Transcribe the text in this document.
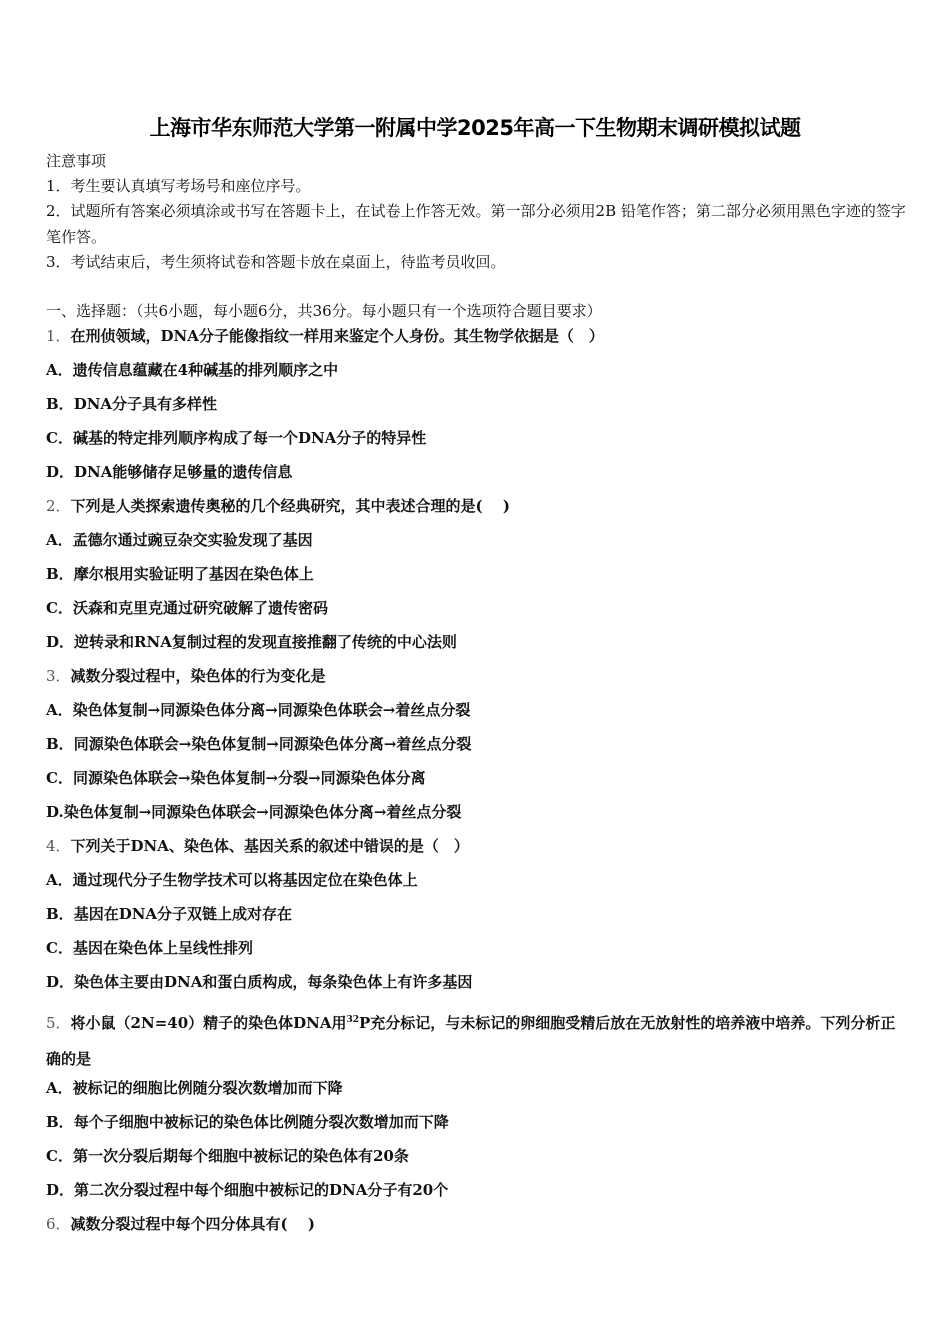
上海市华东师范大学第一附属中学2025年高一下生物期末调研模拟试题
注意事项
1．考生要认真填写考场号和座位序号。
2．试题所有答案必须填涂或书写在答题卡上，在试卷上作答无效。第一部分必须用2B 铅笔作答；第二部分必须用黑色字迹的签字笔作答。
3．考试结束后，考生须将试卷和答题卡放在桌面上，待监考员收回。
一、选择题：（共6小题，每小题6分，共36分。每小题只有一个选项符合题目要求）
1．在刑侦领域，DNA分子能像指纹一样用来鉴定个人身份。其生物学依据是（　）
A．遗传信息蕴藏在4种碱基的排列顺序之中
B．DNA分子具有多样性
C．碱基的特定排列顺序构成了每一个DNA分子的特异性
D．DNA能够储存足够量的遗传信息
2．下列是人类探索遗传奥秘的几个经典研究，其中表述合理的是(　 )
A．孟德尔通过豌豆杂交实验发现了基因
B．摩尔根用实验证明了基因在染色体上
C．沃森和克里克通过研究破解了遗传密码
D．逆转录和RNA复制过程的发现直接推翻了传统的中心法则
3．减数分裂过程中，染色体的行为变化是
A．染色体复制→同源染色体分离→同源染色体联会→着丝点分裂
B．同源染色体联会→染色体复制→同源染色体分离→着丝点分裂
C．同源染色体联会→染色体复制→分裂→同源染色体分离
D.染色体复制→同源染色体联会→同源染色体分离→着丝点分裂
4．下列关于DNA、染色体、基因关系的叙述中错误的是（　）
A．通过现代分子生物学技术可以将基因定位在染色体上
B．基因在DNA分子双链上成对存在
C．基因在染色体上呈线性排列
D．染色体主要由DNA和蛋白质构成，每条染色体上有许多基因
5．将小鼠（2N=40）精子的染色体DNA用$^{32}$P充分标记，与未标记的卵细胞受精后放在无放射性的培养液中培养。下列分析正确的是
A．被标记的细胞比例随分裂次数增加而下降
B．每个子细胞中被标记的染色体比例随分裂次数增加而下降
C．第一次分裂后期每个细胞中被标记的染色体有20条
D．第二次分裂过程中每个细胞中被标记的DNA分子有20个
6．减数分裂过程中每个四分体具有(　 )
